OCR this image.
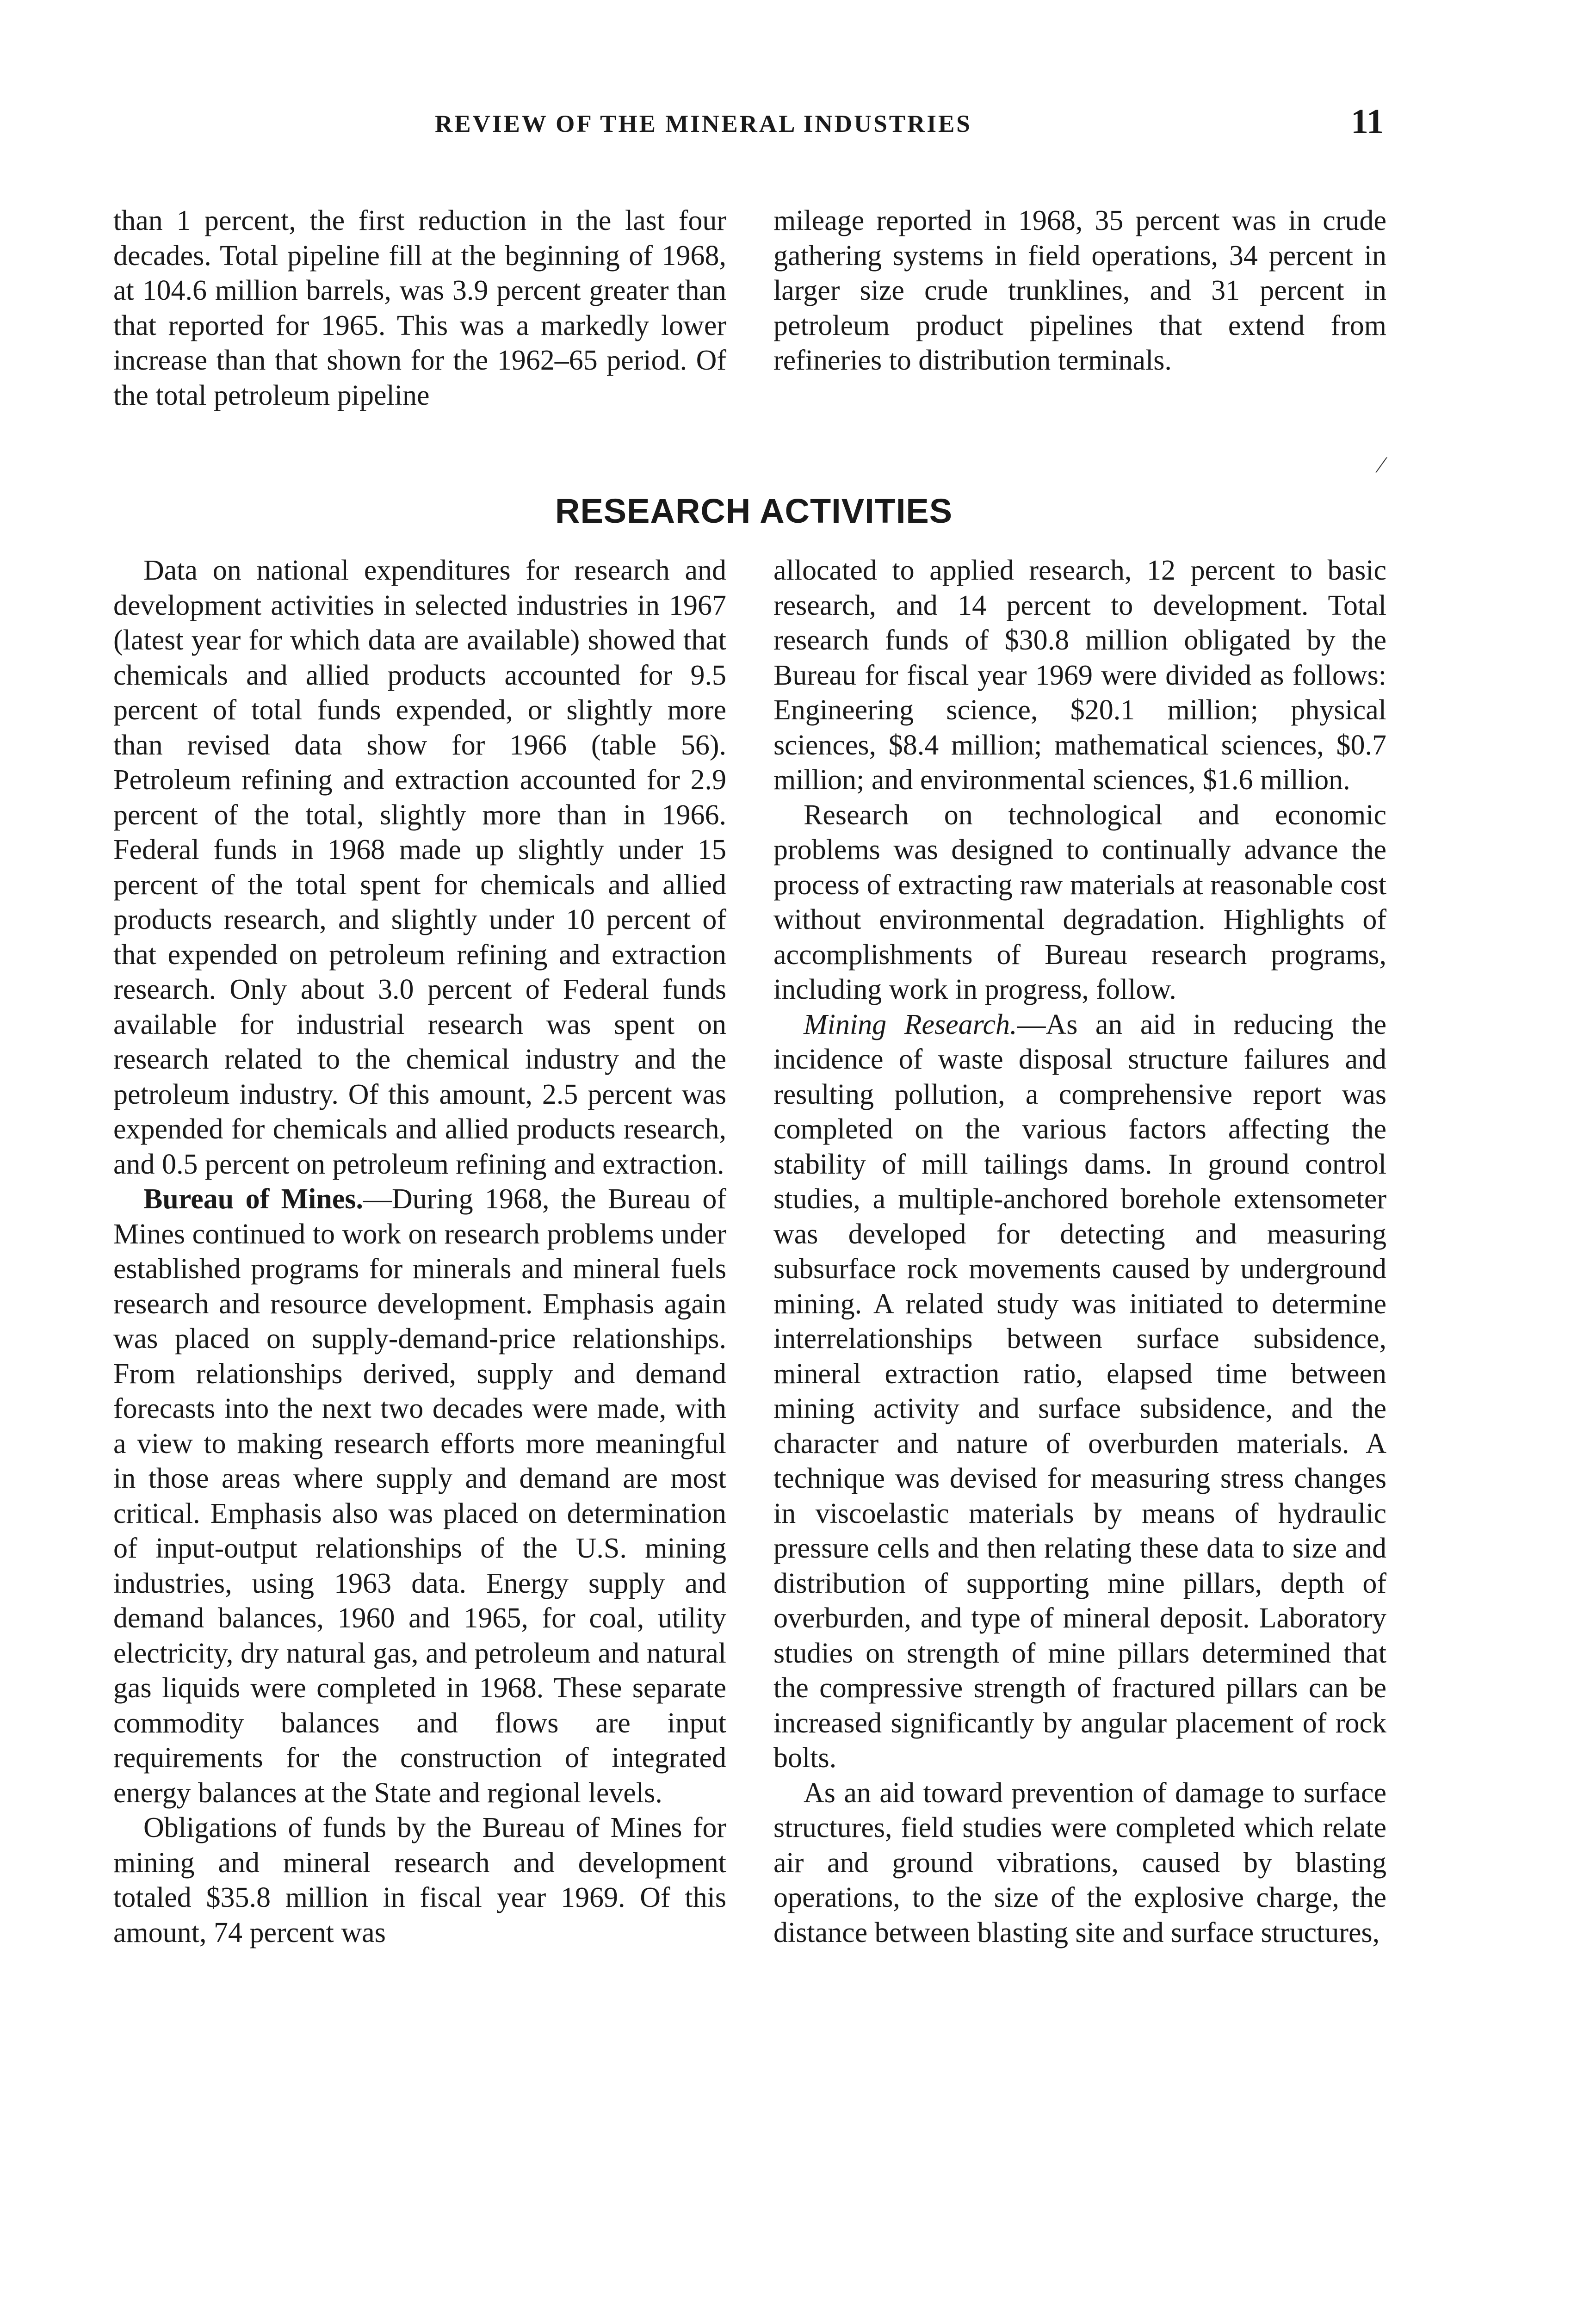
REVIEW OF THE MINERAL INDUSTRIES	11

than 1 percent, the first reduction in the last four decades. Total pipeline fill at the beginning of 1968, at 104.6 million barrels, was 3.9 percent greater than that reported for 1965. This was a markedly lower increase than that shown for the 1962–65 period. Of the total petroleum pipeline

mileage reported in 1968, 35 percent was in crude gathering systems in field operations, 34 percent in larger size crude trunklines, and 31 percent in petroleum product pipelines that extend from refineries to distribution terminals.

⁄
RESEARCH ACTIVITIES

Data on national expenditures for research and development activities in selected industries in 1967 (latest year for which data are available) showed that chemicals and allied products accounted for 9.5 percent of total funds expended, or slightly more than revised data show for 1966 (table 56). Petroleum refining and extraction accounted for 2.9 percent of the total, slightly more than in 1966. Federal funds in 1968 made up slightly under 15 percent of the total spent for chemicals and allied products research, and slightly under 10 percent of that expended on petroleum refining and extraction research. Only about 3.0 percent of Federal funds available for industrial research was spent on research related to the chemical industry and the petroleum industry. Of this amount, 2.5 percent was expended for chemicals and allied products research, and 0.5 percent on petroleum refining and extraction.

Bureau of Mines.—During 1968, the Bureau of Mines continued to work on research problems under established programs for minerals and mineral fuels research and resource development. Emphasis again was placed on supply-demand-price relationships. From relationships derived, supply and demand forecasts into the next two decades were made, with a view to making research efforts more meaningful in those areas where supply and demand are most critical. Emphasis also was placed on determination of input-output relationships of the U.S. mining industries, using 1963 data. Energy supply and demand balances, 1960 and 1965, for coal, utility electricity, dry natural gas, and petroleum and natural gas liquids were completed in 1968. These separate commodity balances and flows are input requirements for the construction of integrated energy balances at the State and regional levels.

Obligations of funds by the Bureau of Mines for mining and mineral research and development totaled $35.8 million in fiscal year 1969. Of this amount, 74 percent was

allocated to applied research, 12 percent to basic research, and 14 percent to development. Total research funds of $30.8 million obligated by the Bureau for fiscal year 1969 were divided as follows: Engineering science, $20.1 million; physical sciences, $8.4 million; mathematical sciences, $0.7 million; and environmental sciences, $1.6 million.

Research on technological and economic problems was designed to continually advance the process of extracting raw materials at reasonable cost without environmental degradation. Highlights of accomplishments of Bureau research programs, including work in progress, follow.

Mining Research.—As an aid in reducing the incidence of waste disposal structure failures and resulting pollution, a comprehensive report was completed on the various factors affecting the stability of mill tailings dams. In ground control studies, a multiple-anchored borehole extensometer was developed for detecting and measuring subsurface rock movements caused by underground mining. A related study was initiated to determine interrelationships between surface subsidence, mineral extraction ratio, elapsed time between mining activity and surface subsidence, and the character and nature of overburden materials. A technique was devised for measuring stress changes in viscoelastic materials by means of hydraulic pressure cells and then relating these data to size and distribution of supporting mine pillars, depth of overburden, and type of mineral deposit. Laboratory studies on strength of mine pillars determined that the compressive strength of fractured pillars can be increased significantly by angular placement of rock bolts.

As an aid toward prevention of damage to surface structures, field studies were completed which relate air and ground vibrations, caused by blasting operations, to the size of the explosive charge, the distance between blasting site and surface structures,
